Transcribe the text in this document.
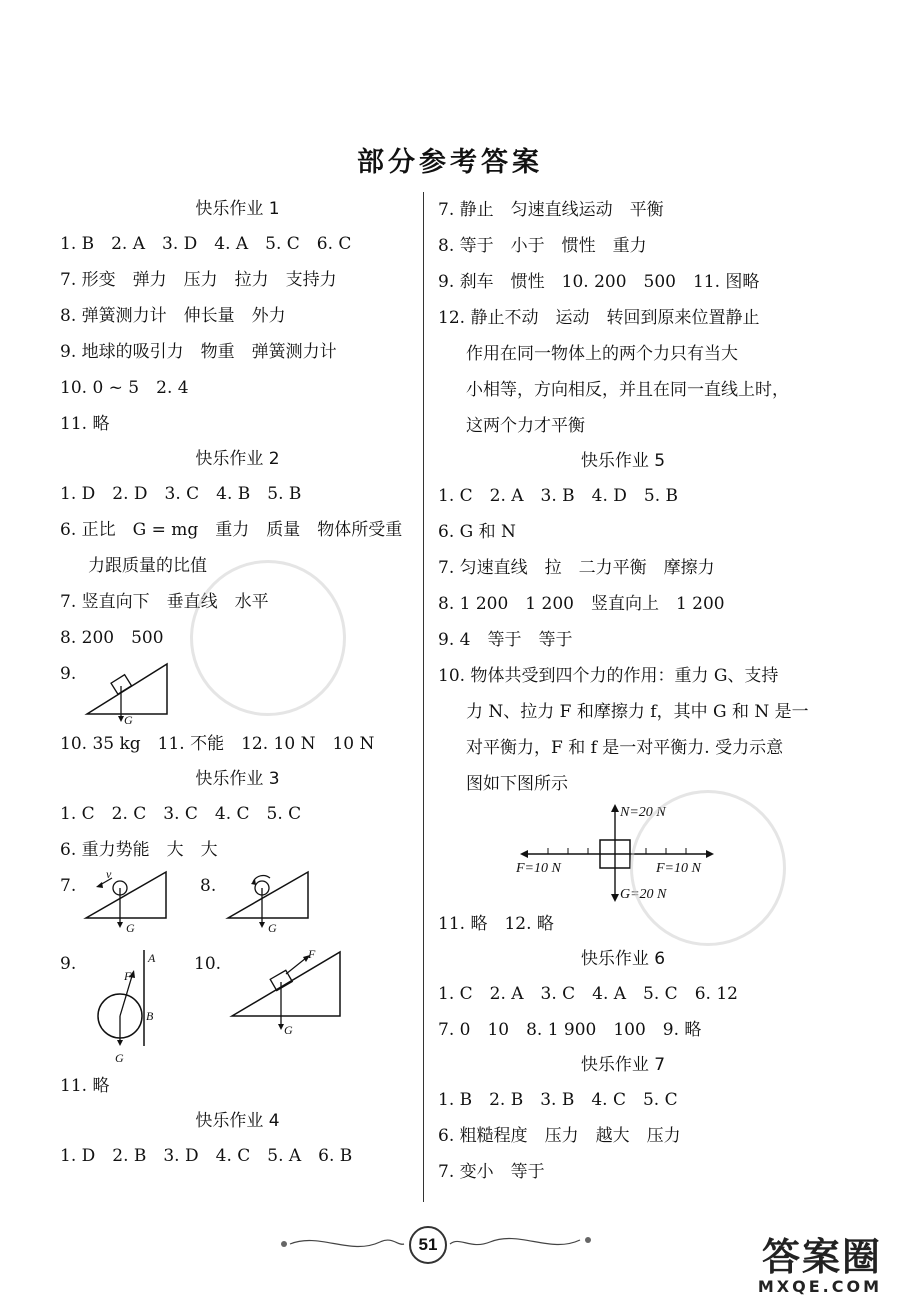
部分参考答案
快乐作业 1
1. B　2. A　3. D　4. A　5. C　6. C
7. 形变　弹力　压力　拉力　支持力
8. 弹簧测力计　伸长量　外力
9. 地球的吸引力　物重　弹簧测力计
10. 0 ~ 5　2. 4
11. 略
快乐作业 2
1. D　2. D　3. C　4. B　5. B
6. 正比　G = mg　重力　质量　物体所受重
力跟质量的比值
7. 竖直向下　垂直线　水平
8. 200　500
9.
G
10. 35 kg　11. 不能　12. 10 N　10 N
快乐作业 3
1. C　2. C　3. C　4. C　5. C
6. 重力势能　大　大
7.
v
G
8.
G
9.
F
A
B
G
10.	F
G
11. 略
快乐作业 4
1. D　2. B　3. D　4. C　5. A　6. B
7. 静止　匀速直线运动　平衡
8. 等于　小于　惯性　重力
9. 刹车　惯性　10. 200　500　11. 图略
12. 静止不动　运动　转回到原来位置静止
作用在同一物体上的两个力只有当大
小相等，方向相反，并且在同一直线上时，
这两个力才平衡
快乐作业 5
1. C　2. A　3. B　4. D　5. B
6. G 和 N
7. 匀速直线　拉　二力平衡　摩擦力
8. 1 200　1 200　竖直向上　1 200
9. 4　等于　等于
10. 物体共受到四个力的作用：重力 G、支持
力 N、拉力 F 和摩擦力 f，其中 G 和 N 是一
对平衡力，F 和 f 是一对平衡力. 受力示意
图如下图所示
N=20 N
G=20 N
F=10 N	F=10 N
11. 略　12. 略
快乐作业 6
1. C　2. A　3. C　4. A　5. C　6. 12
7. 0　10　8. 1 900　100　9. 略
快乐作业 7
1. B　2. B　3. B　4. C　5. C
6. 粗糙程度　压力　越大　压力
7. 变小　等于
51	答案圈
MXQE.COM
